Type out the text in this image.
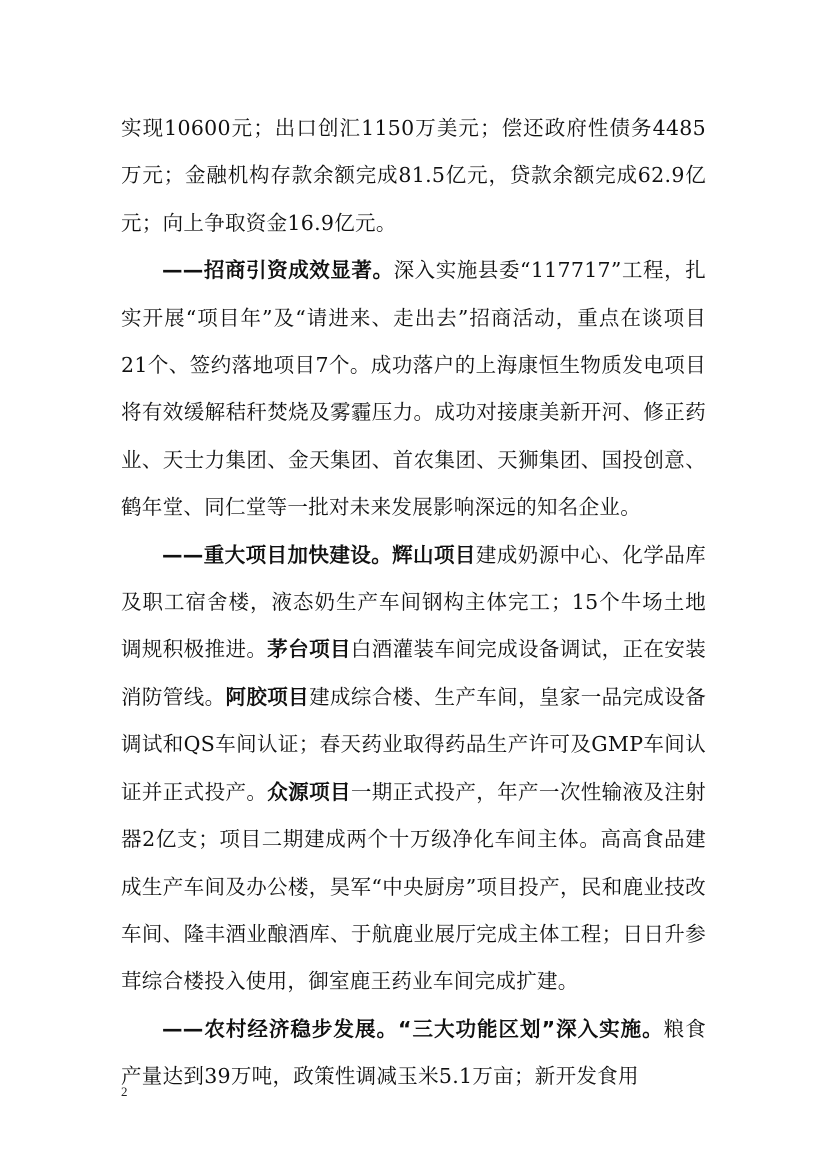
实现10600元；出口创汇1150万美元；偿还政府性债务4485万元；金融机构存款余额完成81.5亿元，贷款余额完成62.9亿元；向上争取资金16.9亿元。

——招商引资成效显著。深入实施县委“117717”工程，扎实开展“项目年”及“请进来、走出去”招商活动，重点在谈项目21个、签约落地项目7个。成功落户的上海康恒生物质发电项目将有效缓解秸秆焚烧及雾霾压力。成功对接康美新开河、修正药业、天士力集团、金天集团、首农集团、天狮集团、国投创意、鹤年堂、同仁堂等一批对未来发展影响深远的知名企业。

——重大项目加快建设。辉山项目建成奶源中心、化学品库及职工宿舍楼，液态奶生产车间钢构主体完工；15个牛场土地调规积极推进。茅台项目白酒灌装车间完成设备调试，正在安装消防管线。阿胶项目建成综合楼、生产车间，皇家一品完成设备调试和QS车间认证；春天药业取得药品生产许可及GMP车间认证并正式投产。众源项目一期正式投产，年产一次性输液及注射器2亿支；项目二期建成两个十万级净化车间主体。高高食品建成生产车间及办公楼，昊军“中央厨房”项目投产，民和鹿业技改车间、隆丰酒业酿酒库、于航鹿业展厅完成主体工程；日日升参茸综合楼投入使用，御室鹿王药业车间完成扩建。

——农村经济稳步发展。“三大功能区划”深入实施。粮食产量达到39万吨，政策性调减玉米5.1万亩；新开发食用

2
